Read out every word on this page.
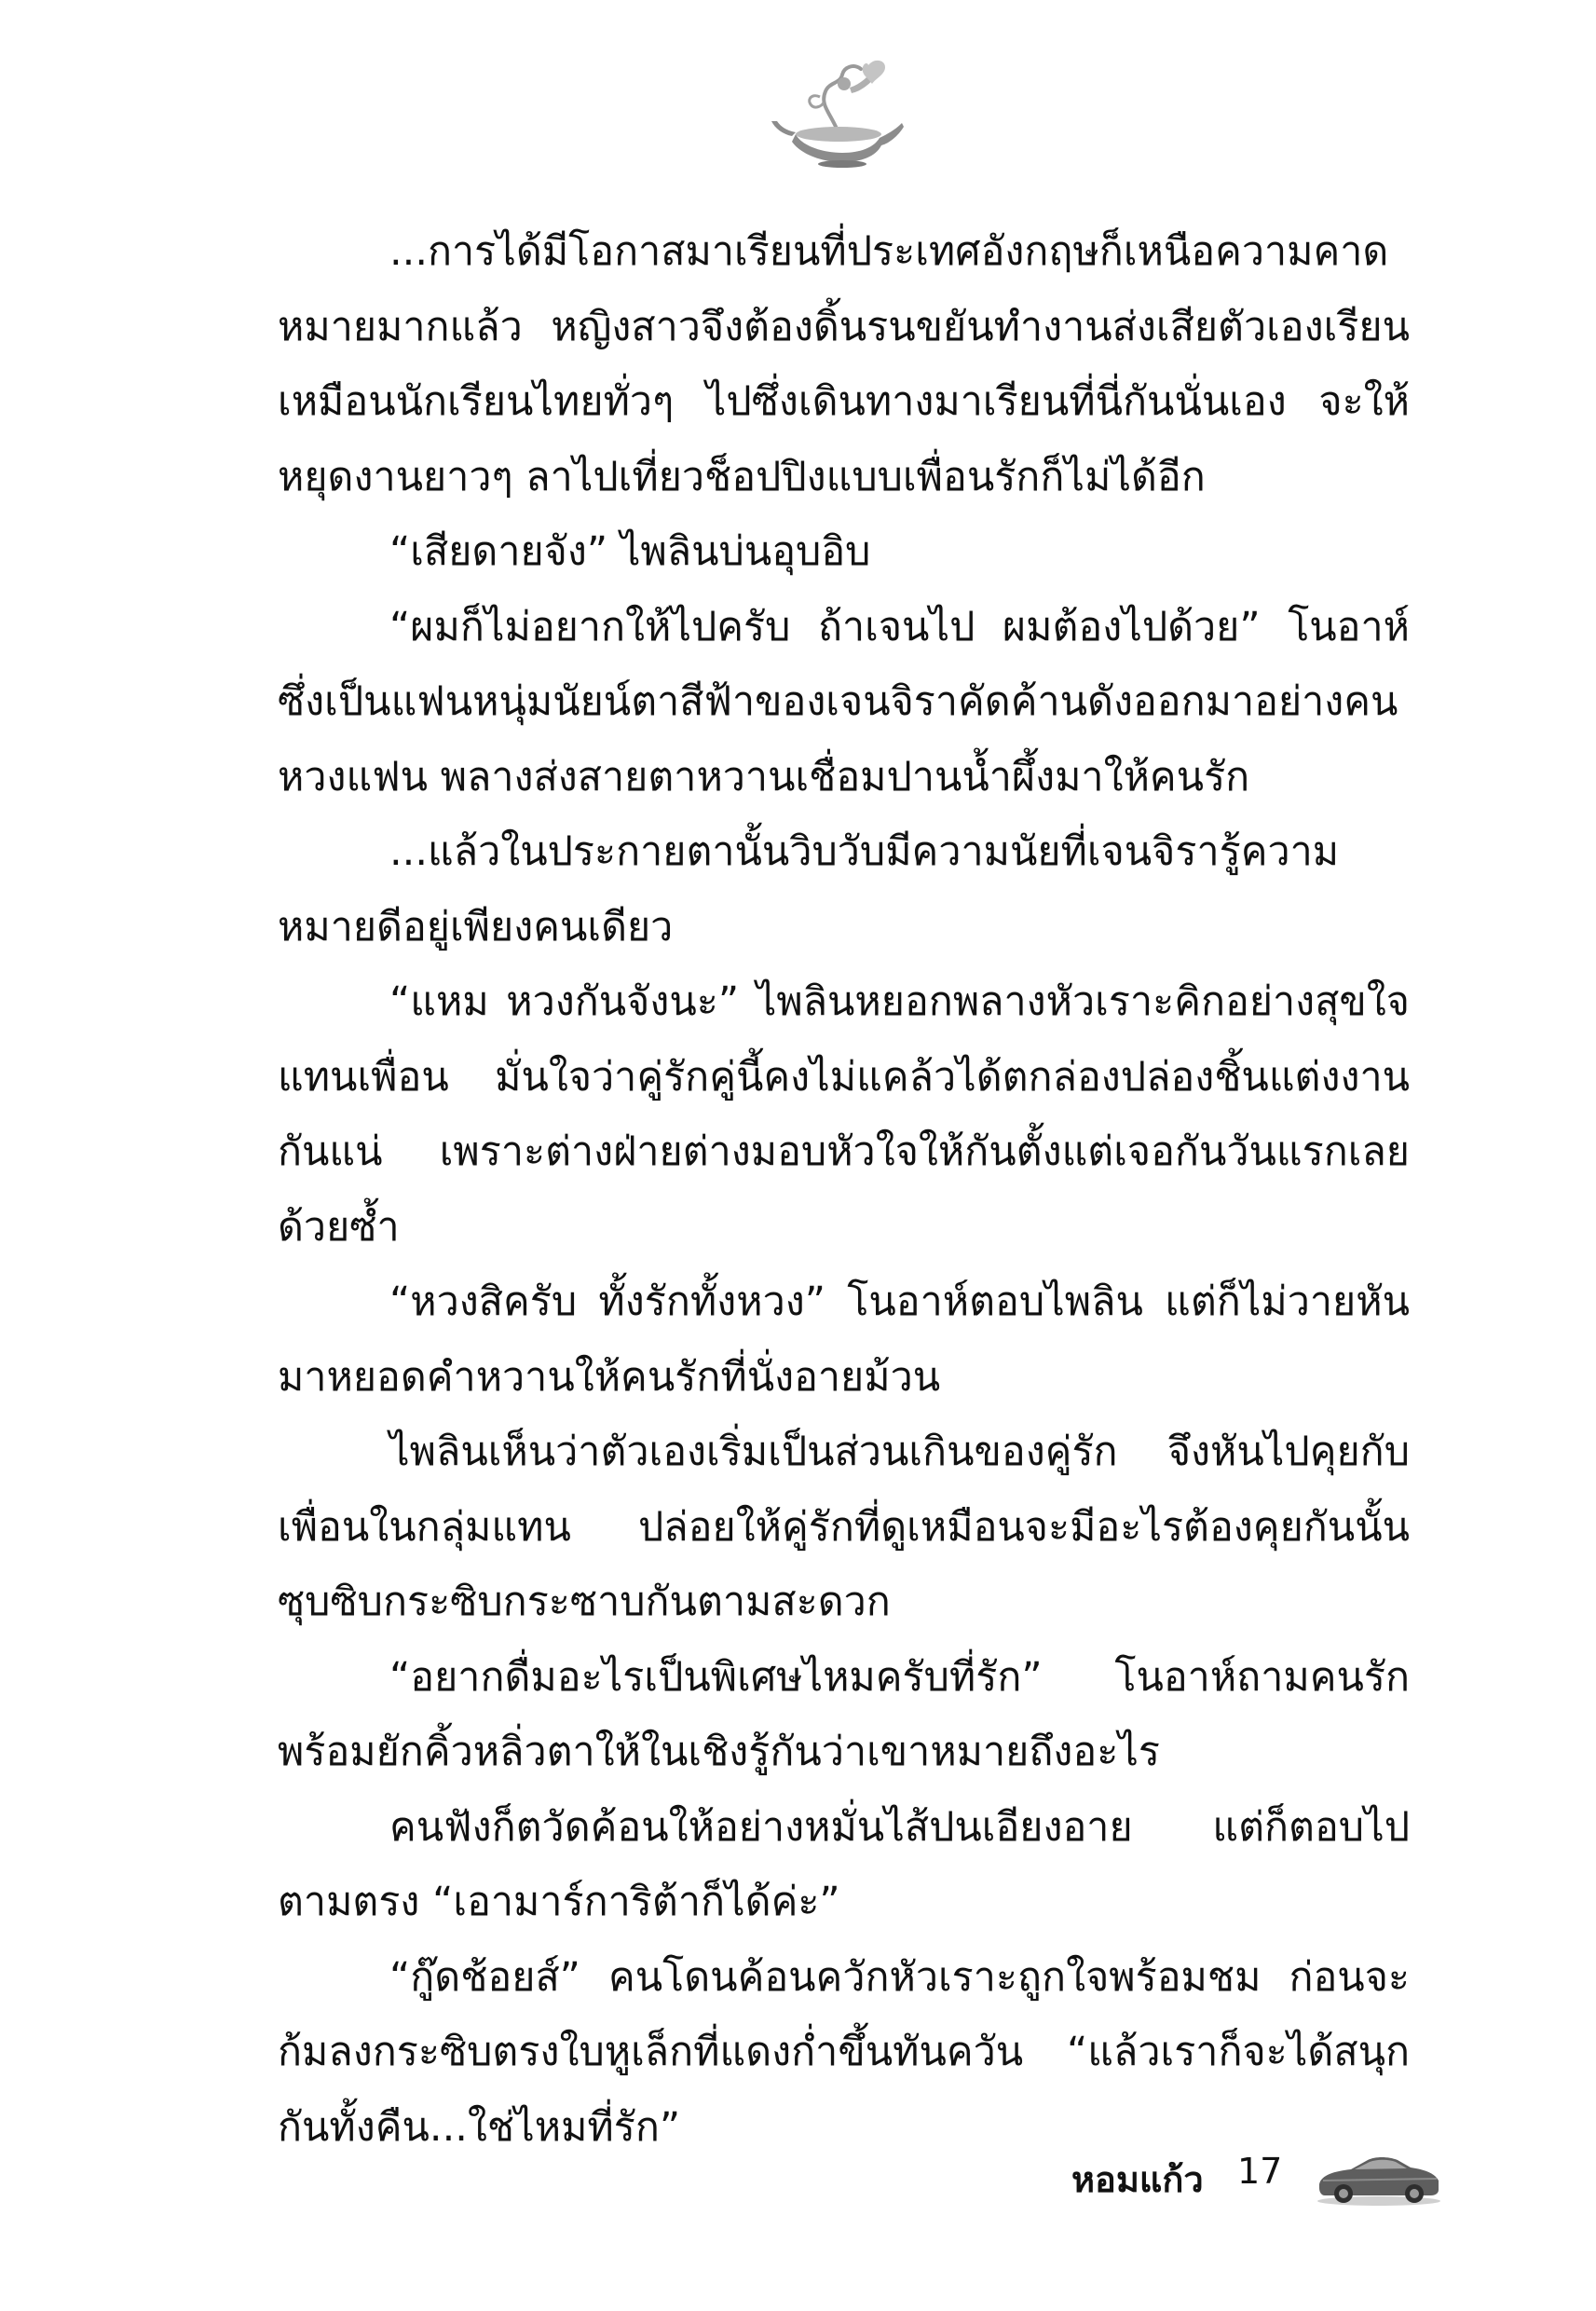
...การได้มีโอกาสมาเรียนที่ประเทศอังกฤษก็เหนือความคาดหมายมากแล้ว หญิงสาวจึงต้องดิ้นรนขยันทำงานส่งเสียตัวเองเรียนเหมือนนักเรียนไทยทั่วๆ ไปซึ่งเดินทางมาเรียนที่นี่กันนั่นเอง จะให้หยุดงานยาวๆ ลาไปเที่ยวช็อปปิงแบบเพื่อนรักก็ไม่ได้อีก

“เสียดายจัง” ไพลินบ่นอุบอิบ

“ผมก็ไม่อยากให้ไปครับ ถ้าเจนไป ผมต้องไปด้วย” โนอาห์ซึ่งเป็นแฟนหนุ่มนัยน์ตาสีฟ้าของเจนจิราคัดค้านดังออกมาอย่างคนหวงแฟน พลางส่งสายตาหวานเชื่อมปานน้ำผึ้งมาให้คนรัก

...แล้วในประกายตานั้นวิบวับมีความนัยที่เจนจิรารู้ความหมายดีอยู่เพียงคนเดียว

“แหม หวงกันจังนะ” ไพลินหยอกพลางหัวเราะคิกอย่างสุขใจแทนเพื่อน มั่นใจว่าคู่รักคู่นี้คงไม่แคล้วได้ตกล่องปล่องชิ้นแต่งงานกันแน่ เพราะต่างฝ่ายต่างมอบหัวใจให้กันตั้งแต่เจอกันวันแรกเลยด้วยซ้ำ

“หวงสิครับ ทั้งรักทั้งหวง” โนอาห์ตอบไพลิน แต่ก็ไม่วายหันมาหยอดคำหวานให้คนรักที่นั่งอายม้วน

ไพลินเห็นว่าตัวเองเริ่มเป็นส่วนเกินของคู่รัก จึงหันไปคุยกับเพื่อนในกลุ่มแทน ปล่อยให้คู่รักที่ดูเหมือนจะมีอะไรต้องคุยกันนั้น ซุบซิบกระซิบกระซาบกันตามสะดวก

“อยากดื่มอะไรเป็นพิเศษไหมครับที่รัก” โนอาห์ถามคนรัก พร้อมยักคิ้วหลิ่วตาให้ในเชิงรู้กันว่าเขาหมายถึงอะไร

คนฟังก็ตวัดค้อนให้อย่างหมั่นไส้ปนเอียงอาย แต่ก็ตอบไปตามตรง “เอามาร์การิต้าก็ได้ค่ะ”

“กู๊ดช้อยส์” คนโดนค้อนควักหัวเราะถูกใจพร้อมชม ก่อนจะก้มลงกระซิบตรงใบหูเล็กที่แดงก่ำขึ้นทันควัน “แล้วเราก็จะได้สนุกกันทั้งคืน...ใช่ไหมที่รัก”

หอมแก้ว 17
